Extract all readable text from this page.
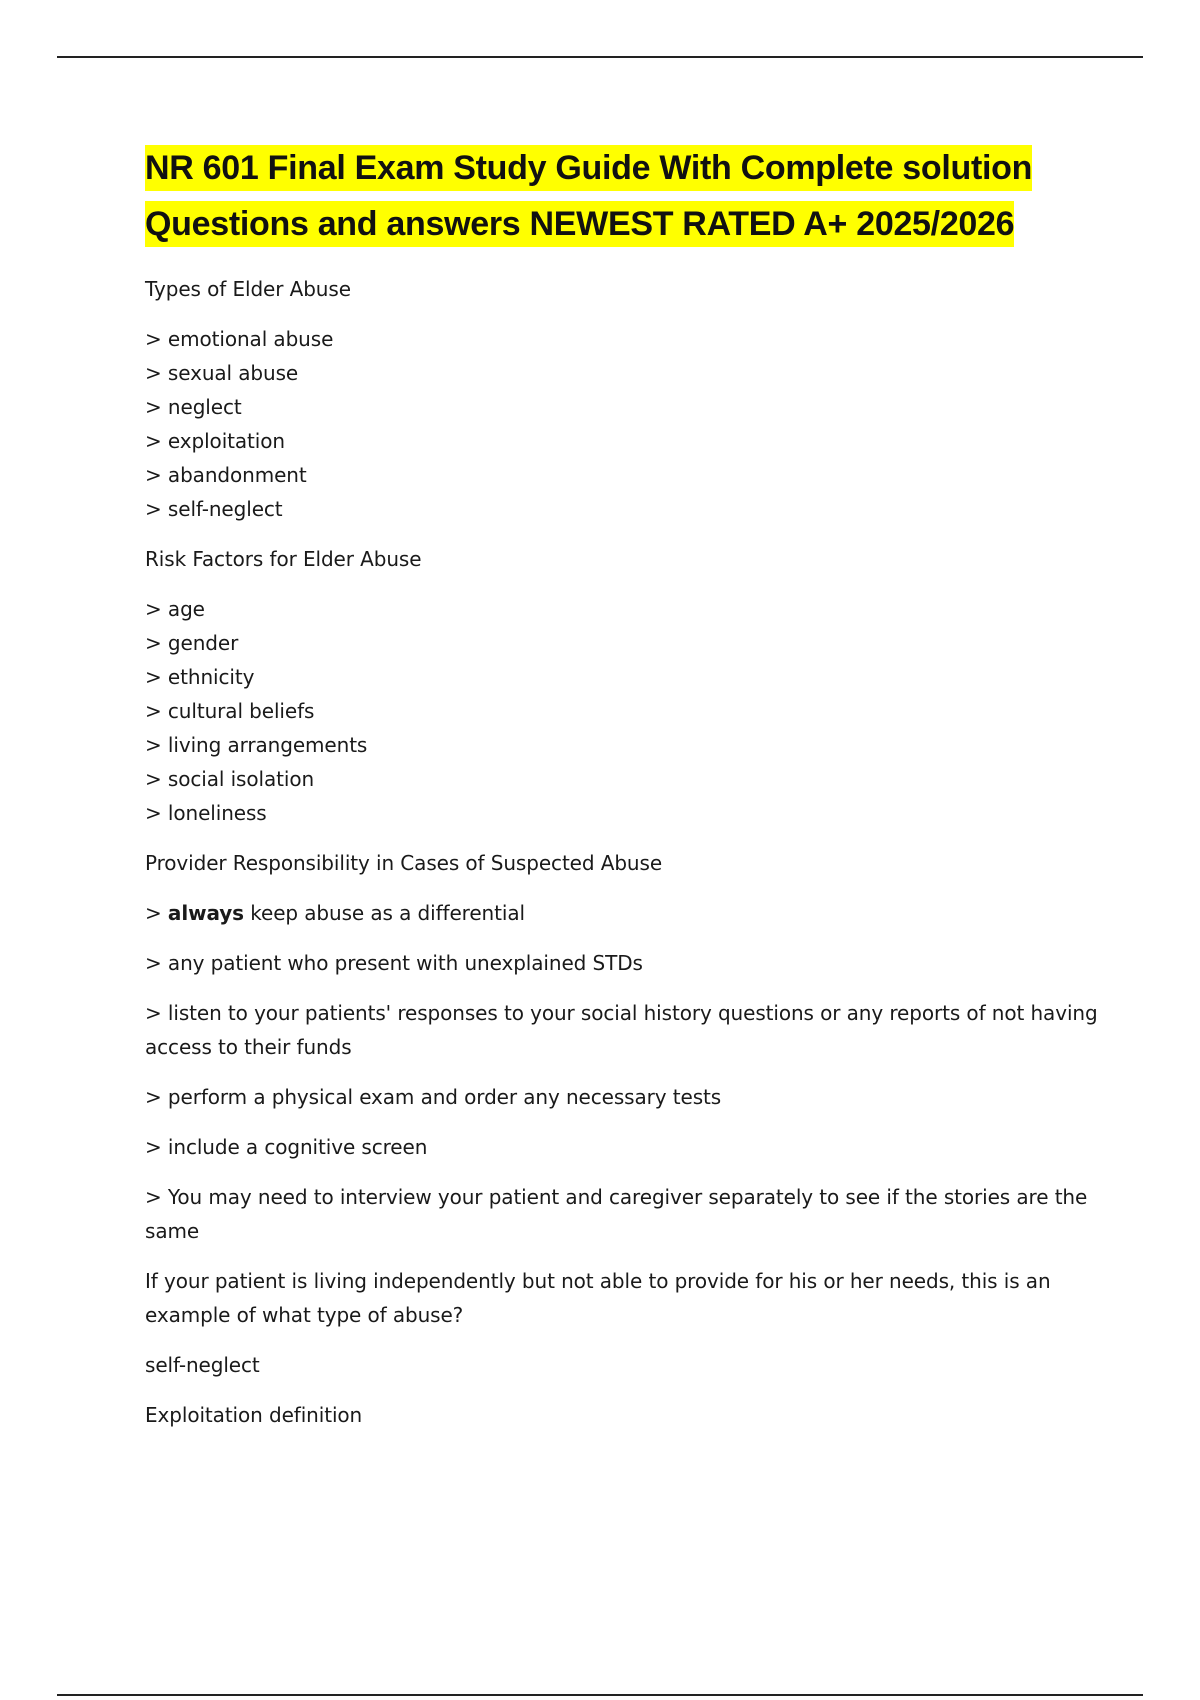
NR 601 Final Exam Study Guide With Complete solution Questions and answers NEWEST RATED A+ 2025/2026

Types of Elder Abuse

> emotional abuse
> sexual abuse
> neglect
> exploitation
> abandonment
> self-neglect

Risk Factors for Elder Abuse

> age
> gender
> ethnicity
> cultural beliefs
> living arrangements
> social isolation
> loneliness

Provider Responsibility in Cases of Suspected Abuse

> always keep abuse as a differential

> any patient who present with unexplained STDs

> listen to your patients' responses to your social history questions or any reports of not having access to their funds

> perform a physical exam and order any necessary tests

> include a cognitive screen

> You may need to interview your patient and caregiver separately to see if the stories are the same

If your patient is living independently but not able to provide for his or her needs, this is an example of what type of abuse?

self-neglect

Exploitation definition
